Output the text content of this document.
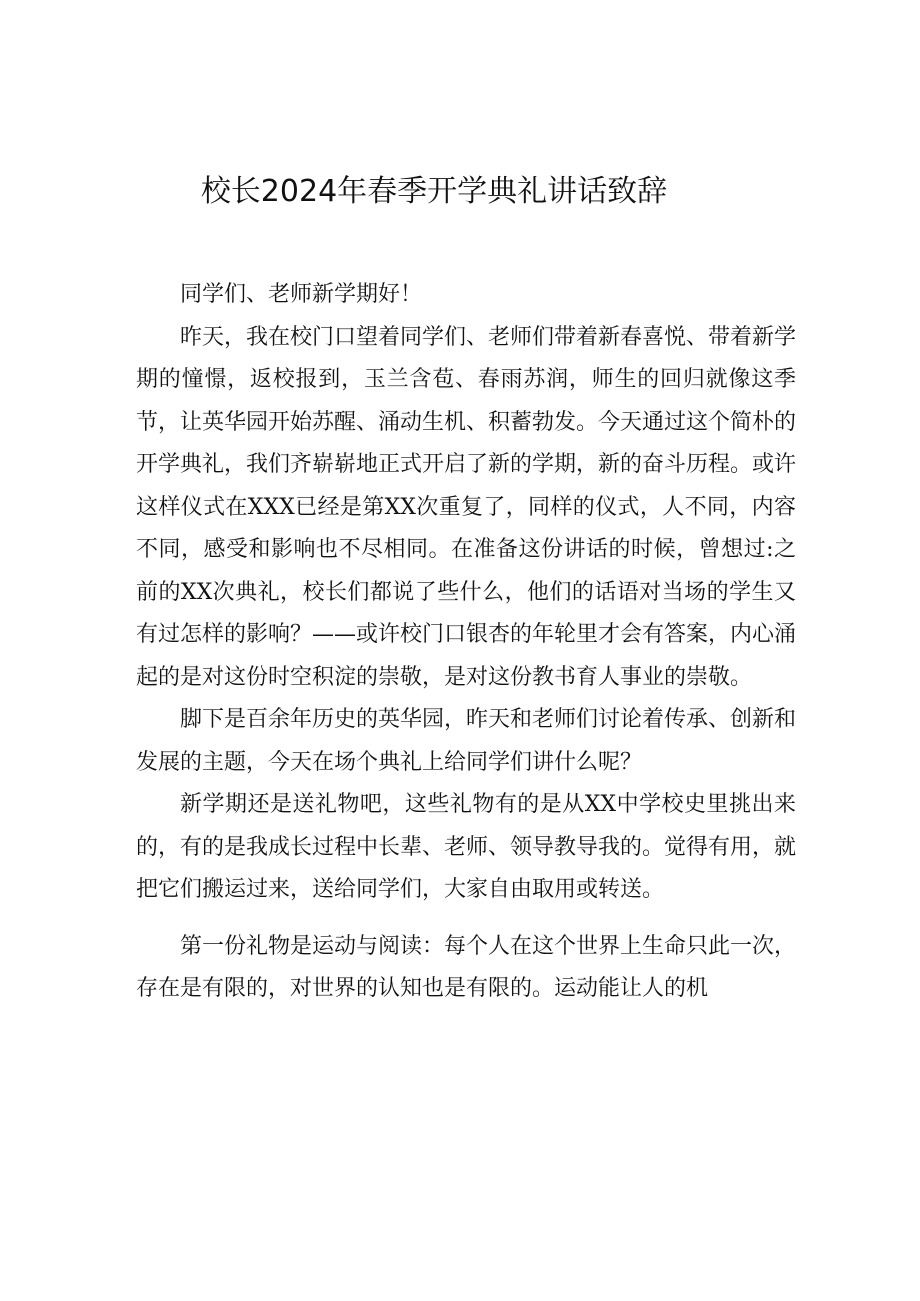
校长2024年春季开学典礼讲话致辞

同学们、老师新学期好！

昨天，我在校门口望着同学们、老师们带着新春喜悦、带着新学期的憧憬，返校报到，玉兰含苞、春雨苏润，师生的回归就像这季节，让英华园开始苏醒、涌动生机、积蓄勃发。今天通过这个简朴的开学典礼，我们齐崭崭地正式开启了新的学期，新的奋斗历程。或许这样仪式在XXX已经是第XX次重复了，同样的仪式，人不同，内容不同，感受和影响也不尽相同。在准备这份讲话的时候，曾想过:之前的XX次典礼，校长们都说了些什么，他们的话语对当场的学生又有过怎样的影响？——或许校门口银杏的年轮里才会有答案，内心涌起的是对这份时空积淀的崇敬，是对这份教书育人事业的崇敬。

脚下是百余年历史的英华园，昨天和老师们讨论着传承、创新和发展的主题，今天在场个典礼上给同学们讲什么呢？

新学期还是送礼物吧，这些礼物有的是从XX中学校史里挑出来的，有的是我成长过程中长辈、老师、领导教导我的。觉得有用，就把它们搬运过来，送给同学们，大家自由取用或转送。

第一份礼物是运动与阅读：每个人在这个世界上生命只此一次，存在是有限的，对世界的认知也是有限的。运动能让人的机
